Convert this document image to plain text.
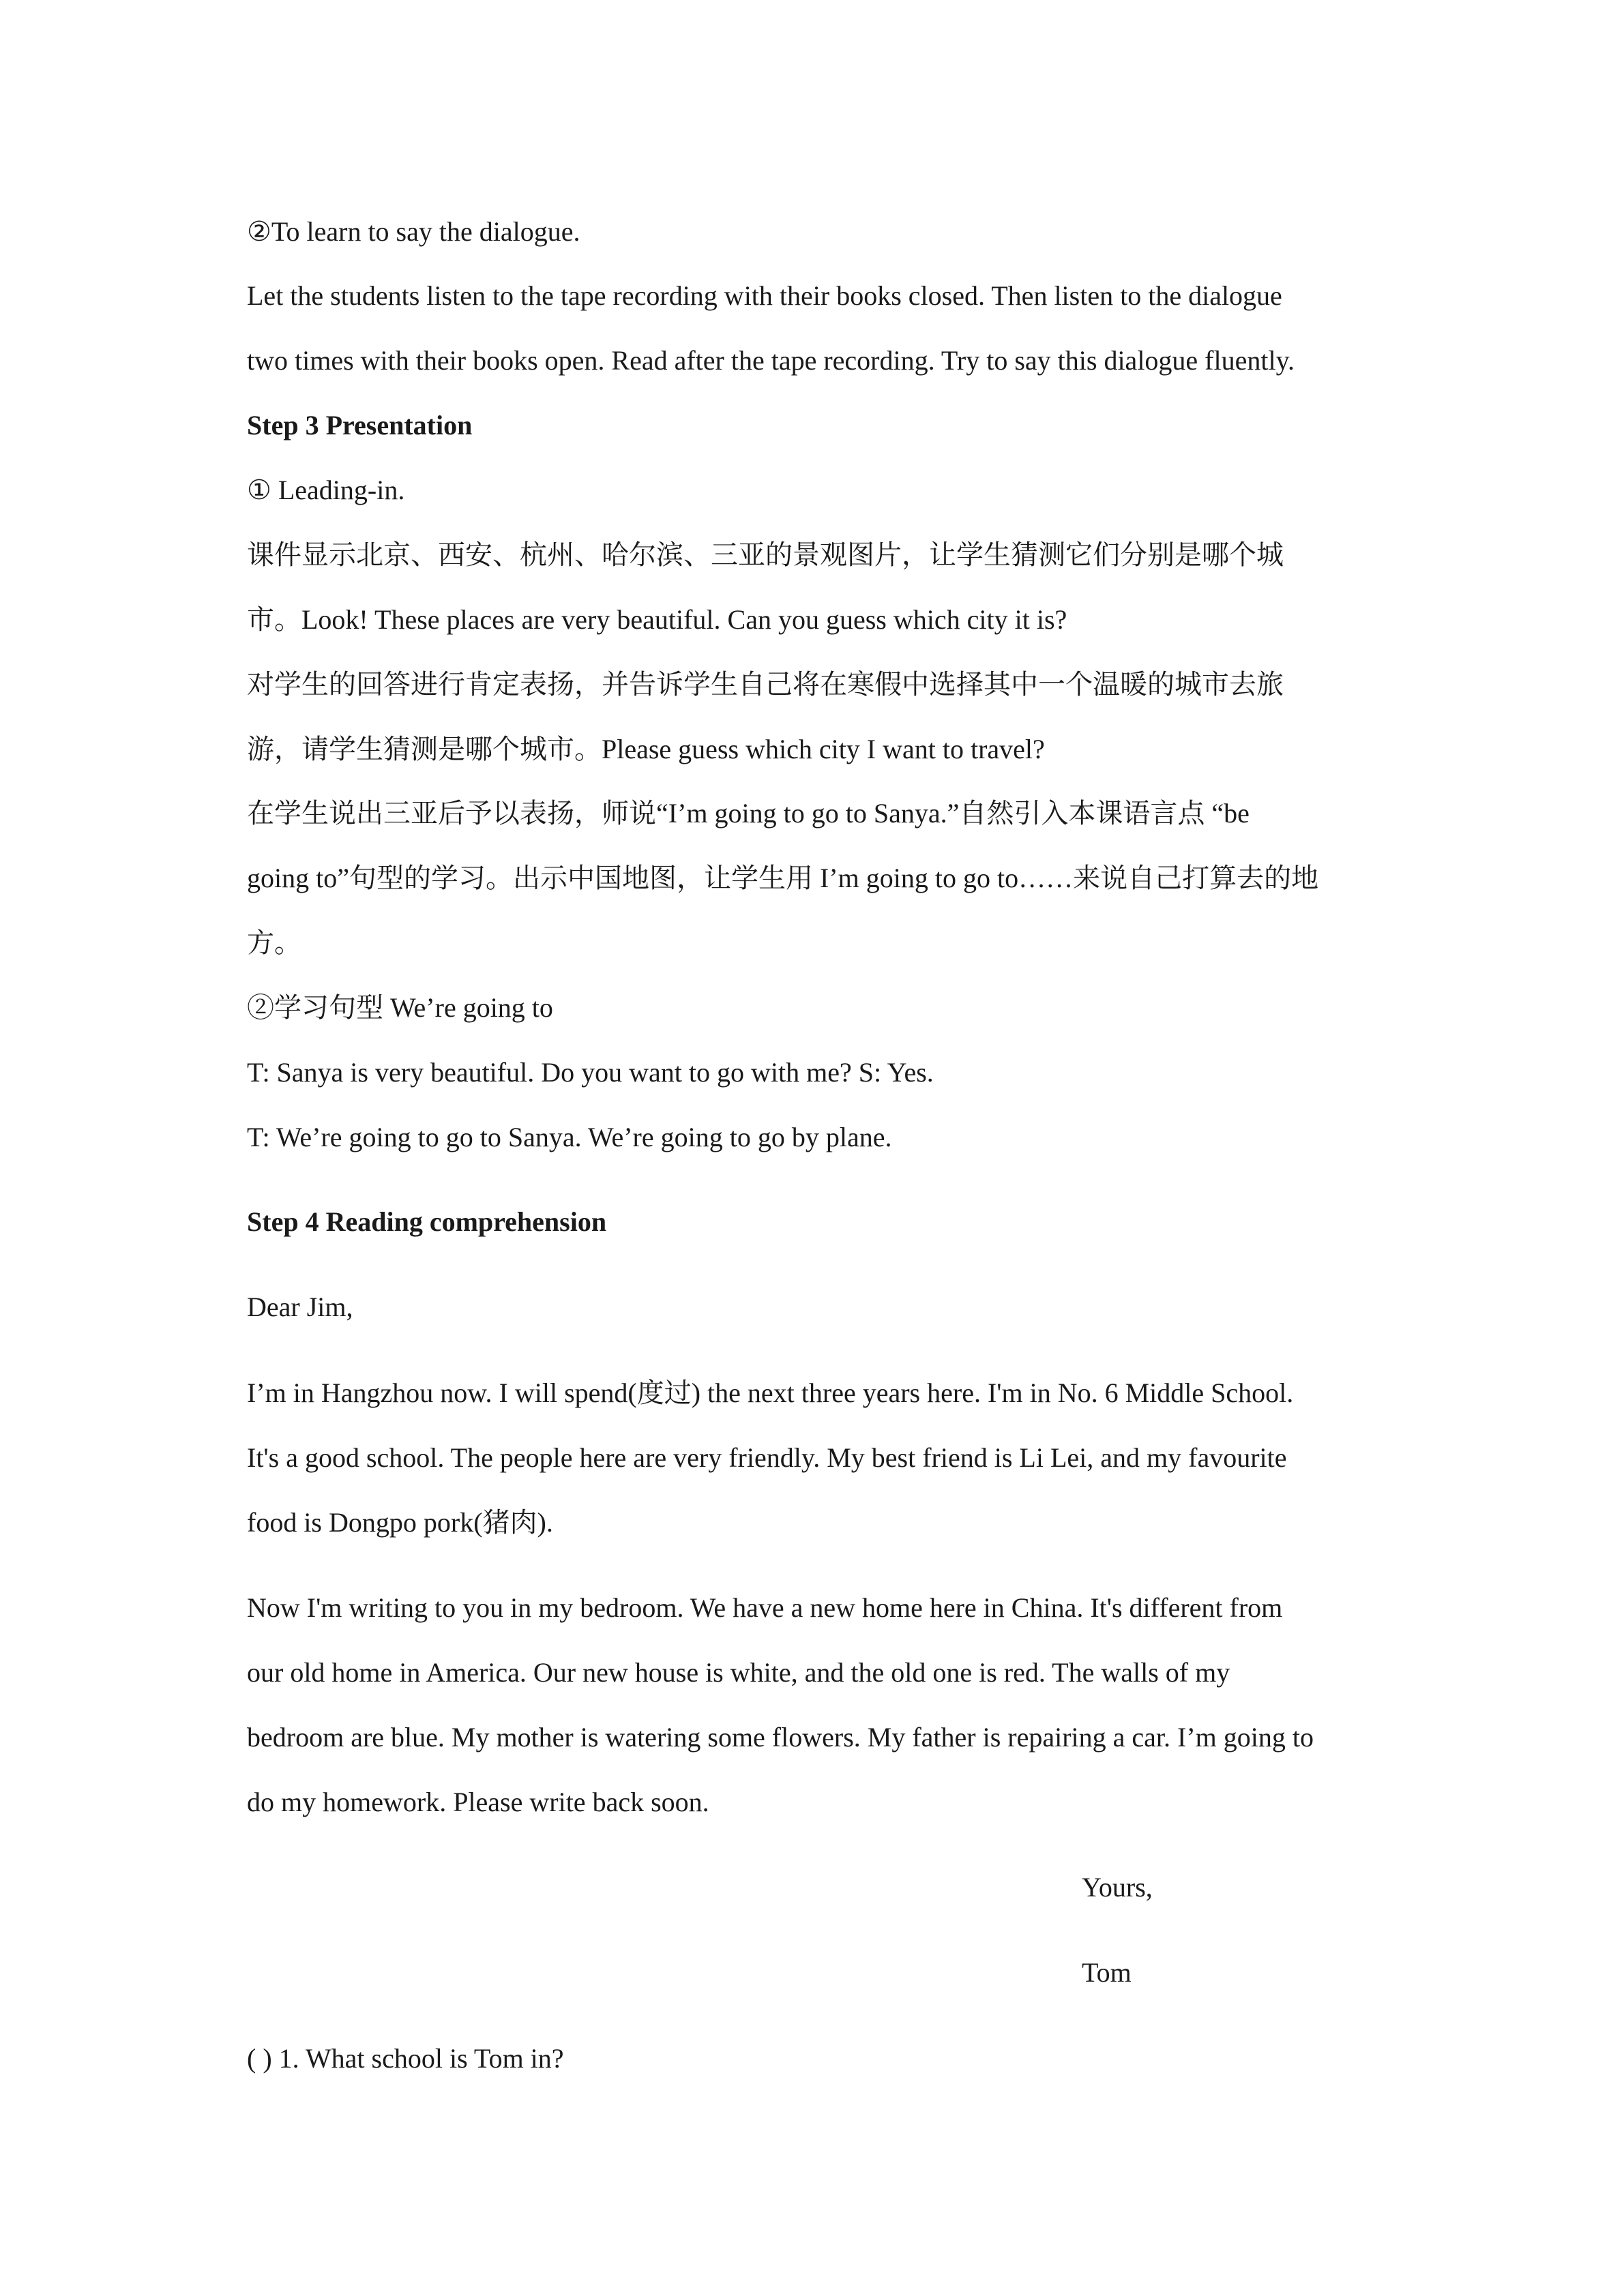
②To learn to say the dialogue.

Let the students listen to the tape recording with their books closed. Then listen to the dialogue

two times with their books open. Read after the tape recording. Try to say this dialogue fluently.

Step 3 Presentation

① Leading-in.

课件显示北京、西安、杭州、哈尔滨、三亚的景观图片，让学生猜测它们分别是哪个城

市。Look! These places are very beautiful. Can you guess which city it is?

对学生的回答进行肯定表扬，并告诉学生自己将在寒假中选择其中一个温暖的城市去旅

游，请学生猜测是哪个城市。Please guess which city I want to travel?

在学生说出三亚后予以表扬，师说“I’m going to go to Sanya.”自然引入本课语言点 “be

going to”句型的学习。出示中国地图，让学生用 I’m going to go to……来说自己打算去的地

方。

②学习句型 We’re going to

T: Sanya is very beautiful. Do you want to go with me? S: Yes.

T: We’re going to go to Sanya. We’re going to go by plane.

Step 4 Reading comprehension

Dear Jim,

I’m in Hangzhou now. I will spend(度过) the next three years here. I'm in No. 6 Middle School.

It's a good school. The people here are very friendly. My best friend is Li Lei, and my favourite

food is Dongpo pork(猪肉).

Now I'm writing to you in my bedroom. We have a new home here in China. It's different from

our old home in America. Our new house is white, and the old one is red. The walls of my

bedroom are blue. My mother is watering some flowers. My father is repairing a car. I’m going to

do my homework. Please write back soon.

Yours,

Tom

( ) 1. What school is Tom in?
